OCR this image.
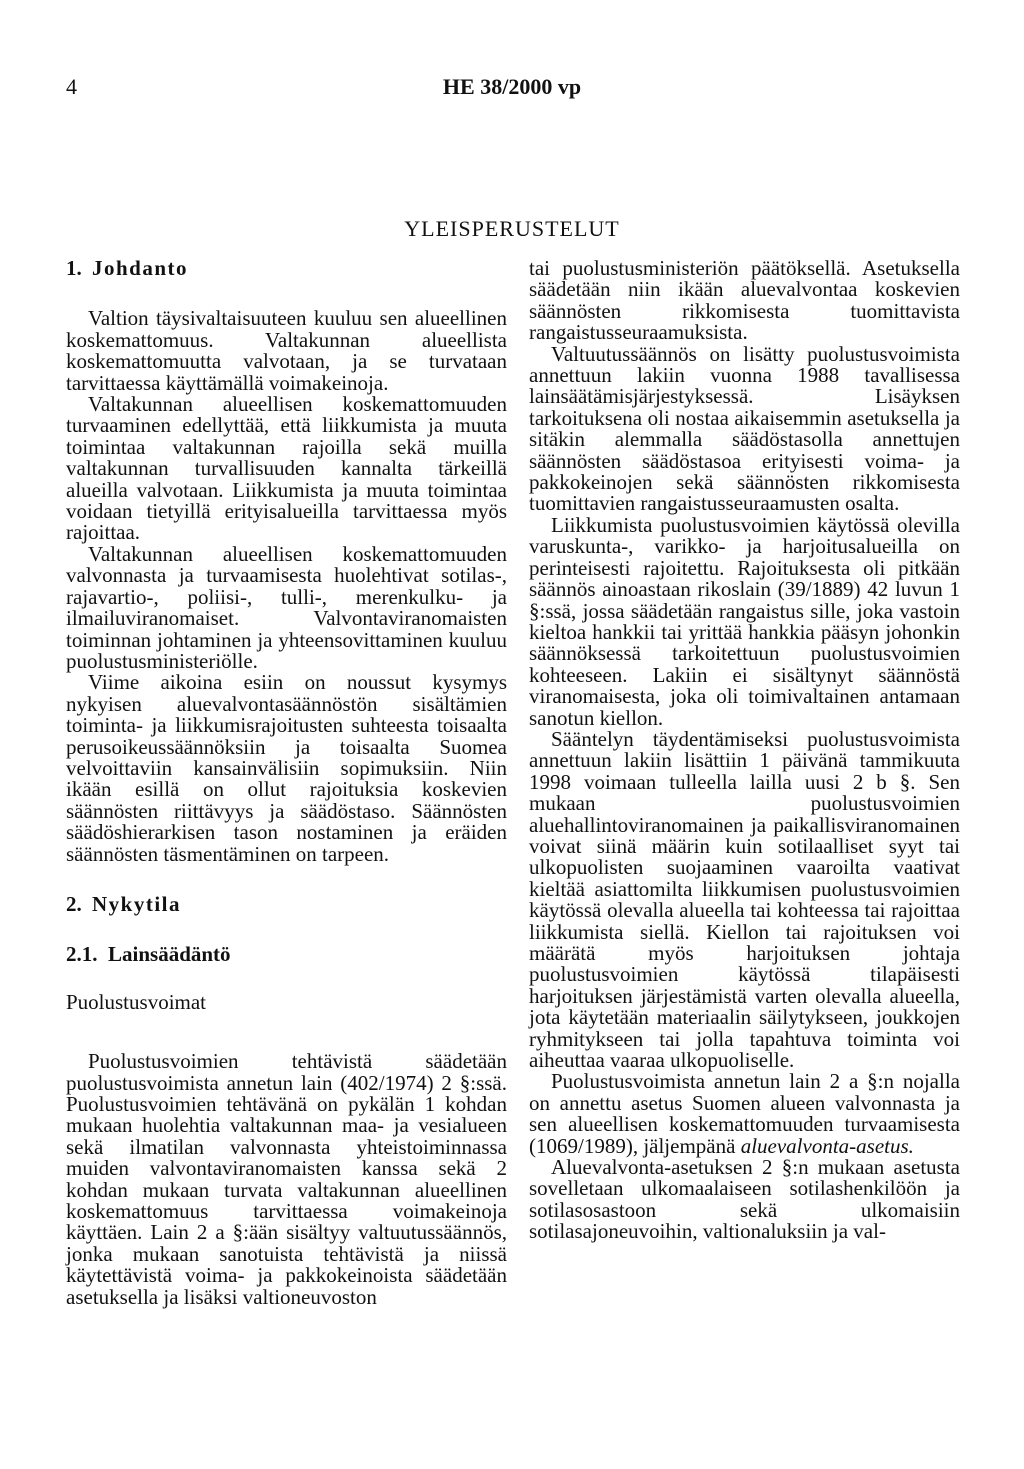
4	HE 38/2000 vp
YLEISPERUSTELUT
1. Johdanto

Valtion täysivaltaisuuteen kuuluu sen alueellinen koskemattomuus. Valtakunnan alueellista koskemattomuutta valvotaan, ja se turvataan tarvittaessa käyttämällä voimakeinoja.

Valtakunnan alueellisen koskemattomuuden turvaaminen edellyttää, että liikkumista ja muuta toimintaa valtakunnan rajoilla sekä muilla valtakunnan turvallisuuden kannalta tärkeillä alueilla valvotaan. Liikkumista ja muuta toimintaa voidaan tietyillä erityisalueilla tarvittaessa myös rajoittaa.

Valtakunnan alueellisen koskemattomuuden valvonnasta ja turvaamisesta huolehtivat sotilas-, rajavartio-, poliisi-, tulli-, merenkulku- ja ilmailuviranomaiset. Valvontaviranomaisten toiminnan johtaminen ja yhteensovittaminen kuuluu puolustusministeriölle.

Viime aikoina esiin on noussut kysymys nykyisen aluevalvontasäännöstön sisältämien toiminta- ja liikkumisrajoitusten suhteesta toisaalta perusoikeussäännöksiin ja toisaalta Suomea velvoittaviin kansainvälisiin sopimuksiin. Niin ikään esillä on ollut rajoituksia koskevien säännösten riittävyys ja säädöstaso. Säännösten säädöshierarkisen tason nostaminen ja eräiden säännösten täsmentäminen on tarpeen.

2. Nykytila
2.1. Lainsäädäntö
Puolustusvoimat

Puolustusvoimien tehtävistä säädetään puolustusvoimista annetun lain (402/1974) 2 §:ssä. Puolustusvoimien tehtävänä on pykälän 1 kohdan mukaan huolehtia valtakunnan maa- ja vesialueen sekä ilmatilan valvonnasta yhteistoiminnassa muiden valvontaviranomaisten kanssa sekä 2 kohdan mukaan turvata valtakunnan alueellinen koskemattomuus tarvittaessa voimakeinoja käyttäen. Lain 2 a §:ään sisältyy valtuutussäännös, jonka mukaan sanotuista tehtävistä ja niissä käytettävistä voima- ja pakkokeinoista säädetään asetuksella ja lisäksi valtioneuvoston

tai puolustusministeriön päätöksellä. Asetuksella säädetään niin ikään aluevalvontaa koskevien säännösten rikkomisesta tuomittavista rangaistusseuraamuksista.

Valtuutussäännös on lisätty puolustusvoimista annettuun lakiin vuonna 1988 tavallisessa lainsäätämisjärjestyksessä. Lisäyksen tarkoituksena oli nostaa aikaisemmin asetuksella ja sitäkin alemmalla säädöstasolla annettujen säännösten säädöstasoa erityisesti voima- ja pakkokeinojen sekä säännösten rikkomisesta tuomittavien rangaistusseuraamusten osalta.

Liikkumista puolustusvoimien käytössä olevilla varuskunta-, varikko- ja harjoitusalueilla on perinteisesti rajoitettu. Rajoituksesta oli pitkään säännös ainoastaan rikoslain (39/1889) 42 luvun 1 §:ssä, jossa säädetään rangaistus sille, joka vastoin kieltoa hankkii tai yrittää hankkia pääsyn johonkin säännöksessä tarkoitettuun puolustusvoimien kohteeseen. Lakiin ei sisältynyt säännöstä viranomaisesta, joka oli toimivaltainen antamaan sanotun kiellon.

Sääntelyn täydentämiseksi puolustusvoimista annettuun lakiin lisättiin 1 päivänä tammikuuta 1998 voimaan tulleella lailla uusi 2 b §. Sen mukaan puolustusvoimien aluehallintoviranomainen ja paikallisviranomainen voivat siinä määrin kuin sotilaalliset syyt tai ulkopuolisten suojaaminen vaaroilta vaativat kieltää asiattomilta liikkumisen puolustusvoimien käytössä olevalla alueella tai kohteessa tai rajoittaa liikkumista siellä. Kiellon tai rajoituksen voi määrätä myös harjoituksen johtaja puolustusvoimien käytössä tilapäisesti harjoituksen järjestämistä varten olevalla alueella, jota käytetään materiaalin säilytykseen, joukkojen ryhmitykseen tai jolla tapahtuva toiminta voi aiheuttaa vaaraa ulkopuoliselle.

Puolustusvoimista annetun lain 2 a §:n nojalla on annettu asetus Suomen alueen valvonnasta ja sen alueellisen koskemattomuuden turvaamisesta (1069/1989), jäljempänä aluevalvonta-asetus.

Aluevalvonta-asetuksen 2 §:n mukaan asetusta sovelletaan ulkomaalaiseen sotilashenkilöön ja sotilasosastoon sekä ulkomaisiin sotilasajoneuvoihin, valtionaluksiin ja val-
